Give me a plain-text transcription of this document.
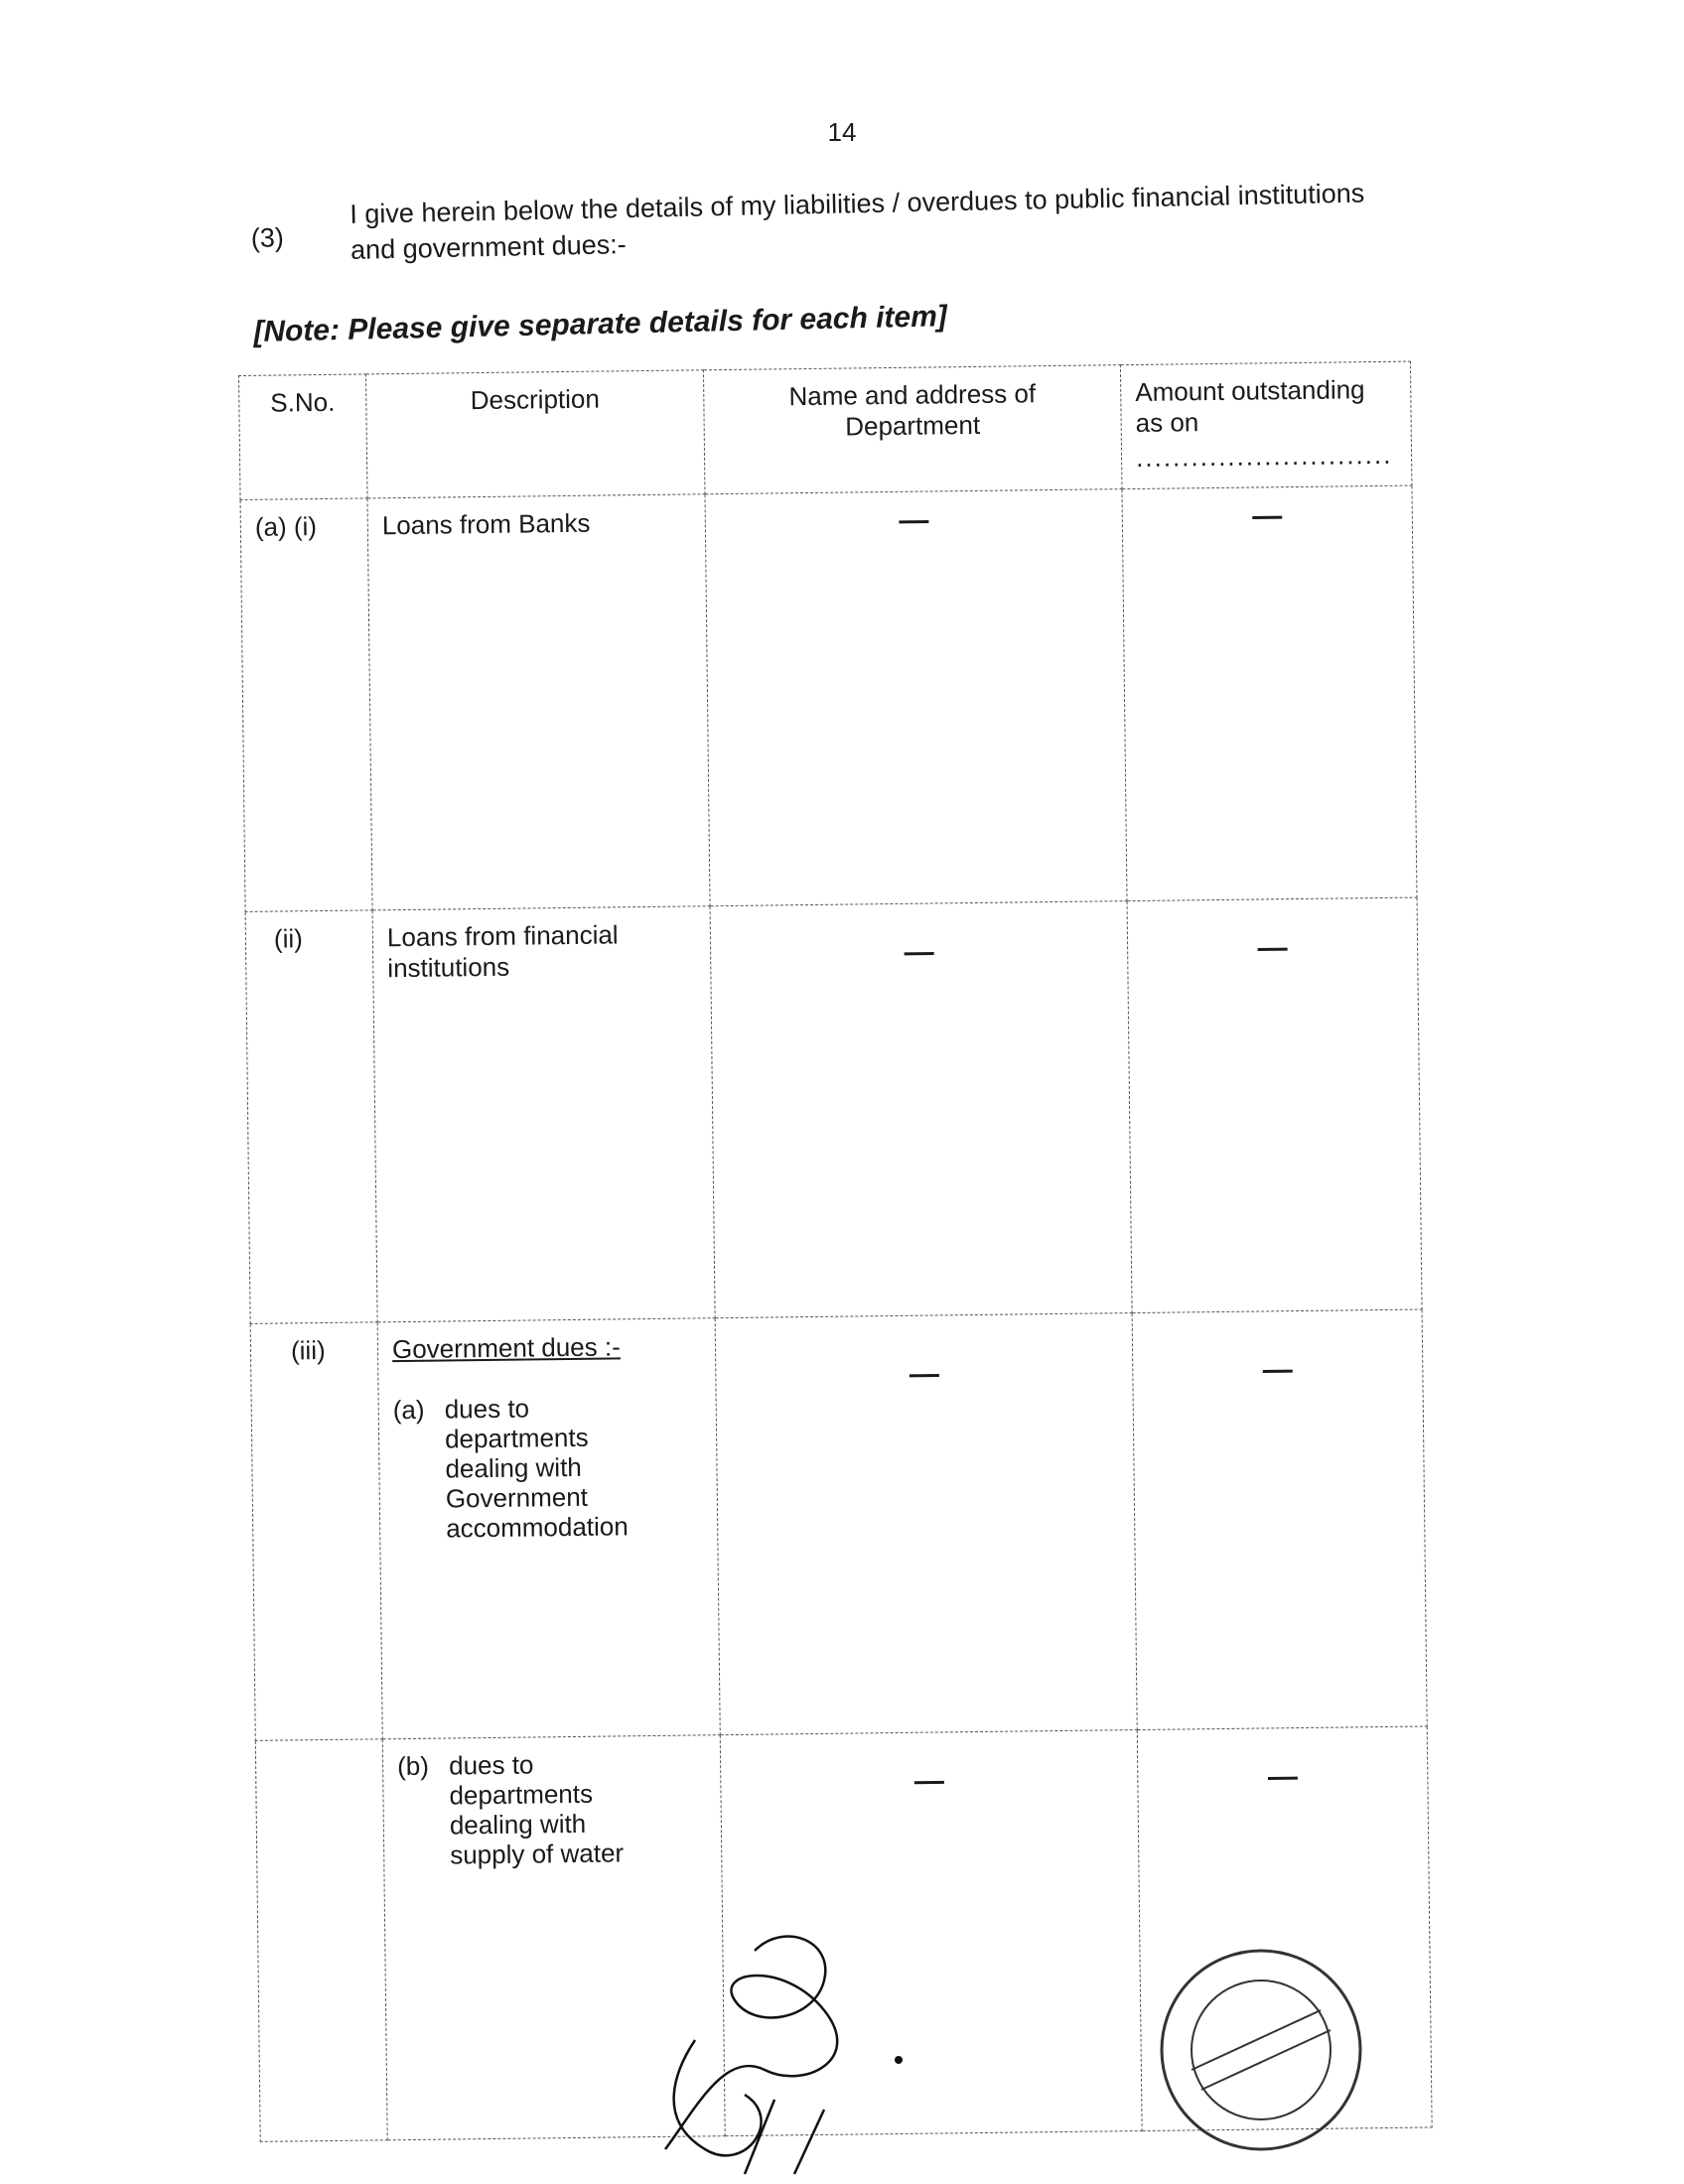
14
(3)
I give herein below the details of my liabilities / overdues to public financial institutions and government dues:-
[Note: Please give separate details for each item]
S.No.	Description	Name and address of Department	Amount outstanding as on
............................

(a) (i)	Loans from Banks	—	—

(ii)	Loans from financial institutions	—	—

(iii)	Government dues :-
(a) dues to departments dealing with Government accommodation	—	—

	(b) dues to departments dealing with supply of water	—	—
